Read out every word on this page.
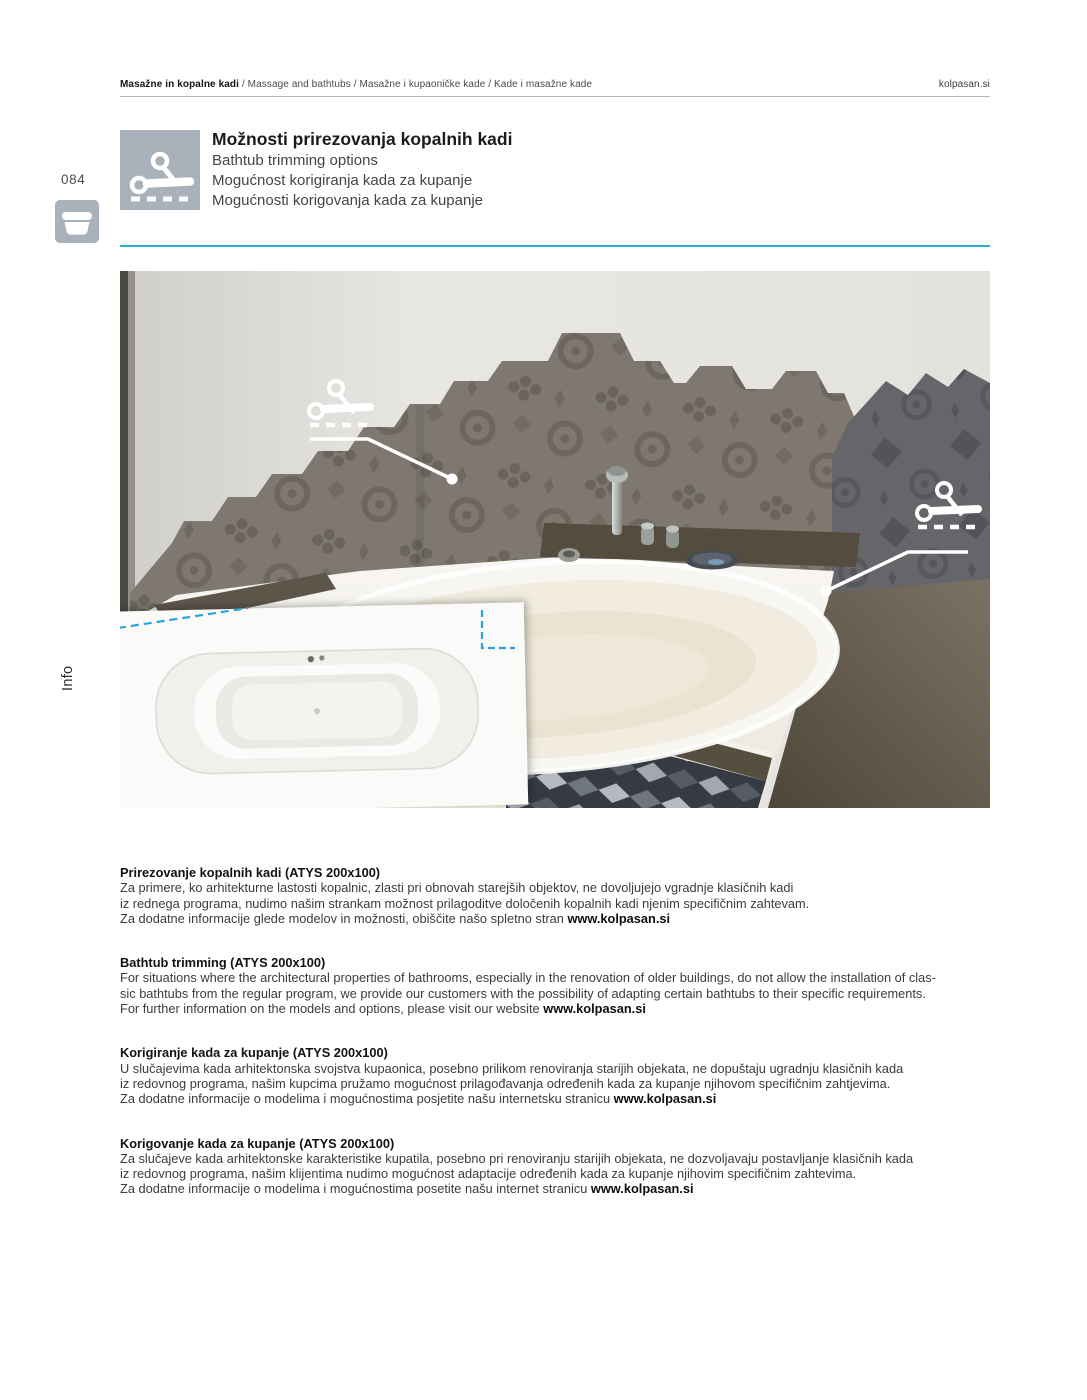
Masažne in kopalne kadi / Massage and bathtubs / Masažne i kupaoničke kade / Kade i masažne kade	kolpasan.si
084
Info
Možnosti prirezovanja kopalnih kadi
Bathtub trimming options
Mogućnost korigiranja kada za kupanje
Mogućnosti korigovanja kada za kupanje
Prirezovanje kopalnih kadi (ATYS 200x100)

Za primere, ko arhitekturne lastosti kopalnic, zlasti pri obnovah starejših objektov, ne dovoljujejo vgradnje klasičnih kadi
iz rednega programa, nudimo našim strankam možnost prilagoditve določenih kopalnih kadi njenim specifičnim zahtevam.
Za dodatne informacije glede modelov in možnosti, obiščite našo spletno stran www.kolpasan.si

Bathtub trimming (ATYS 200x100)

For situations where the architectural properties of bathrooms, especially in the renovation of older buildings, do not allow the installation of clas-
sic bathtubs from the regular program, we provide our customers with the possibility of adapting certain bathtubs to their specific requirements.
For further information on the models and options, please visit our website www.kolpasan.si

Korigiranje kada za kupanje (ATYS 200x100)

U slučajevima kada arhitektonska svojstva kupaonica, posebno prilikom renoviranja starijih objekata, ne dopuštaju ugradnju klasičnih kada
iz redovnog programa, našim kupcima pružamo mogućnost prilagođavanja određenih kada za kupanje njihovom specifičnim zahtjevima.
Za dodatne informacije o modelima i mogućnostima posjetite našu internetsku stranicu www.kolpasan.si

Korigovanje kada za kupanje (ATYS 200x100)

Za slučajeve kada arhitektonske karakteristike kupatila, posebno pri renoviranju starijih objekata, ne dozvoljavaju postavljanje klasičnih kada
iz redovnog programa, našim klijentima nudimo mogućnost adaptacije određenih kada za kupanje njihovim specifičnim zahtevima.
Za dodatne informacije o modelima i mogućnostima posetite našu internet stranicu www.kolpasan.si
